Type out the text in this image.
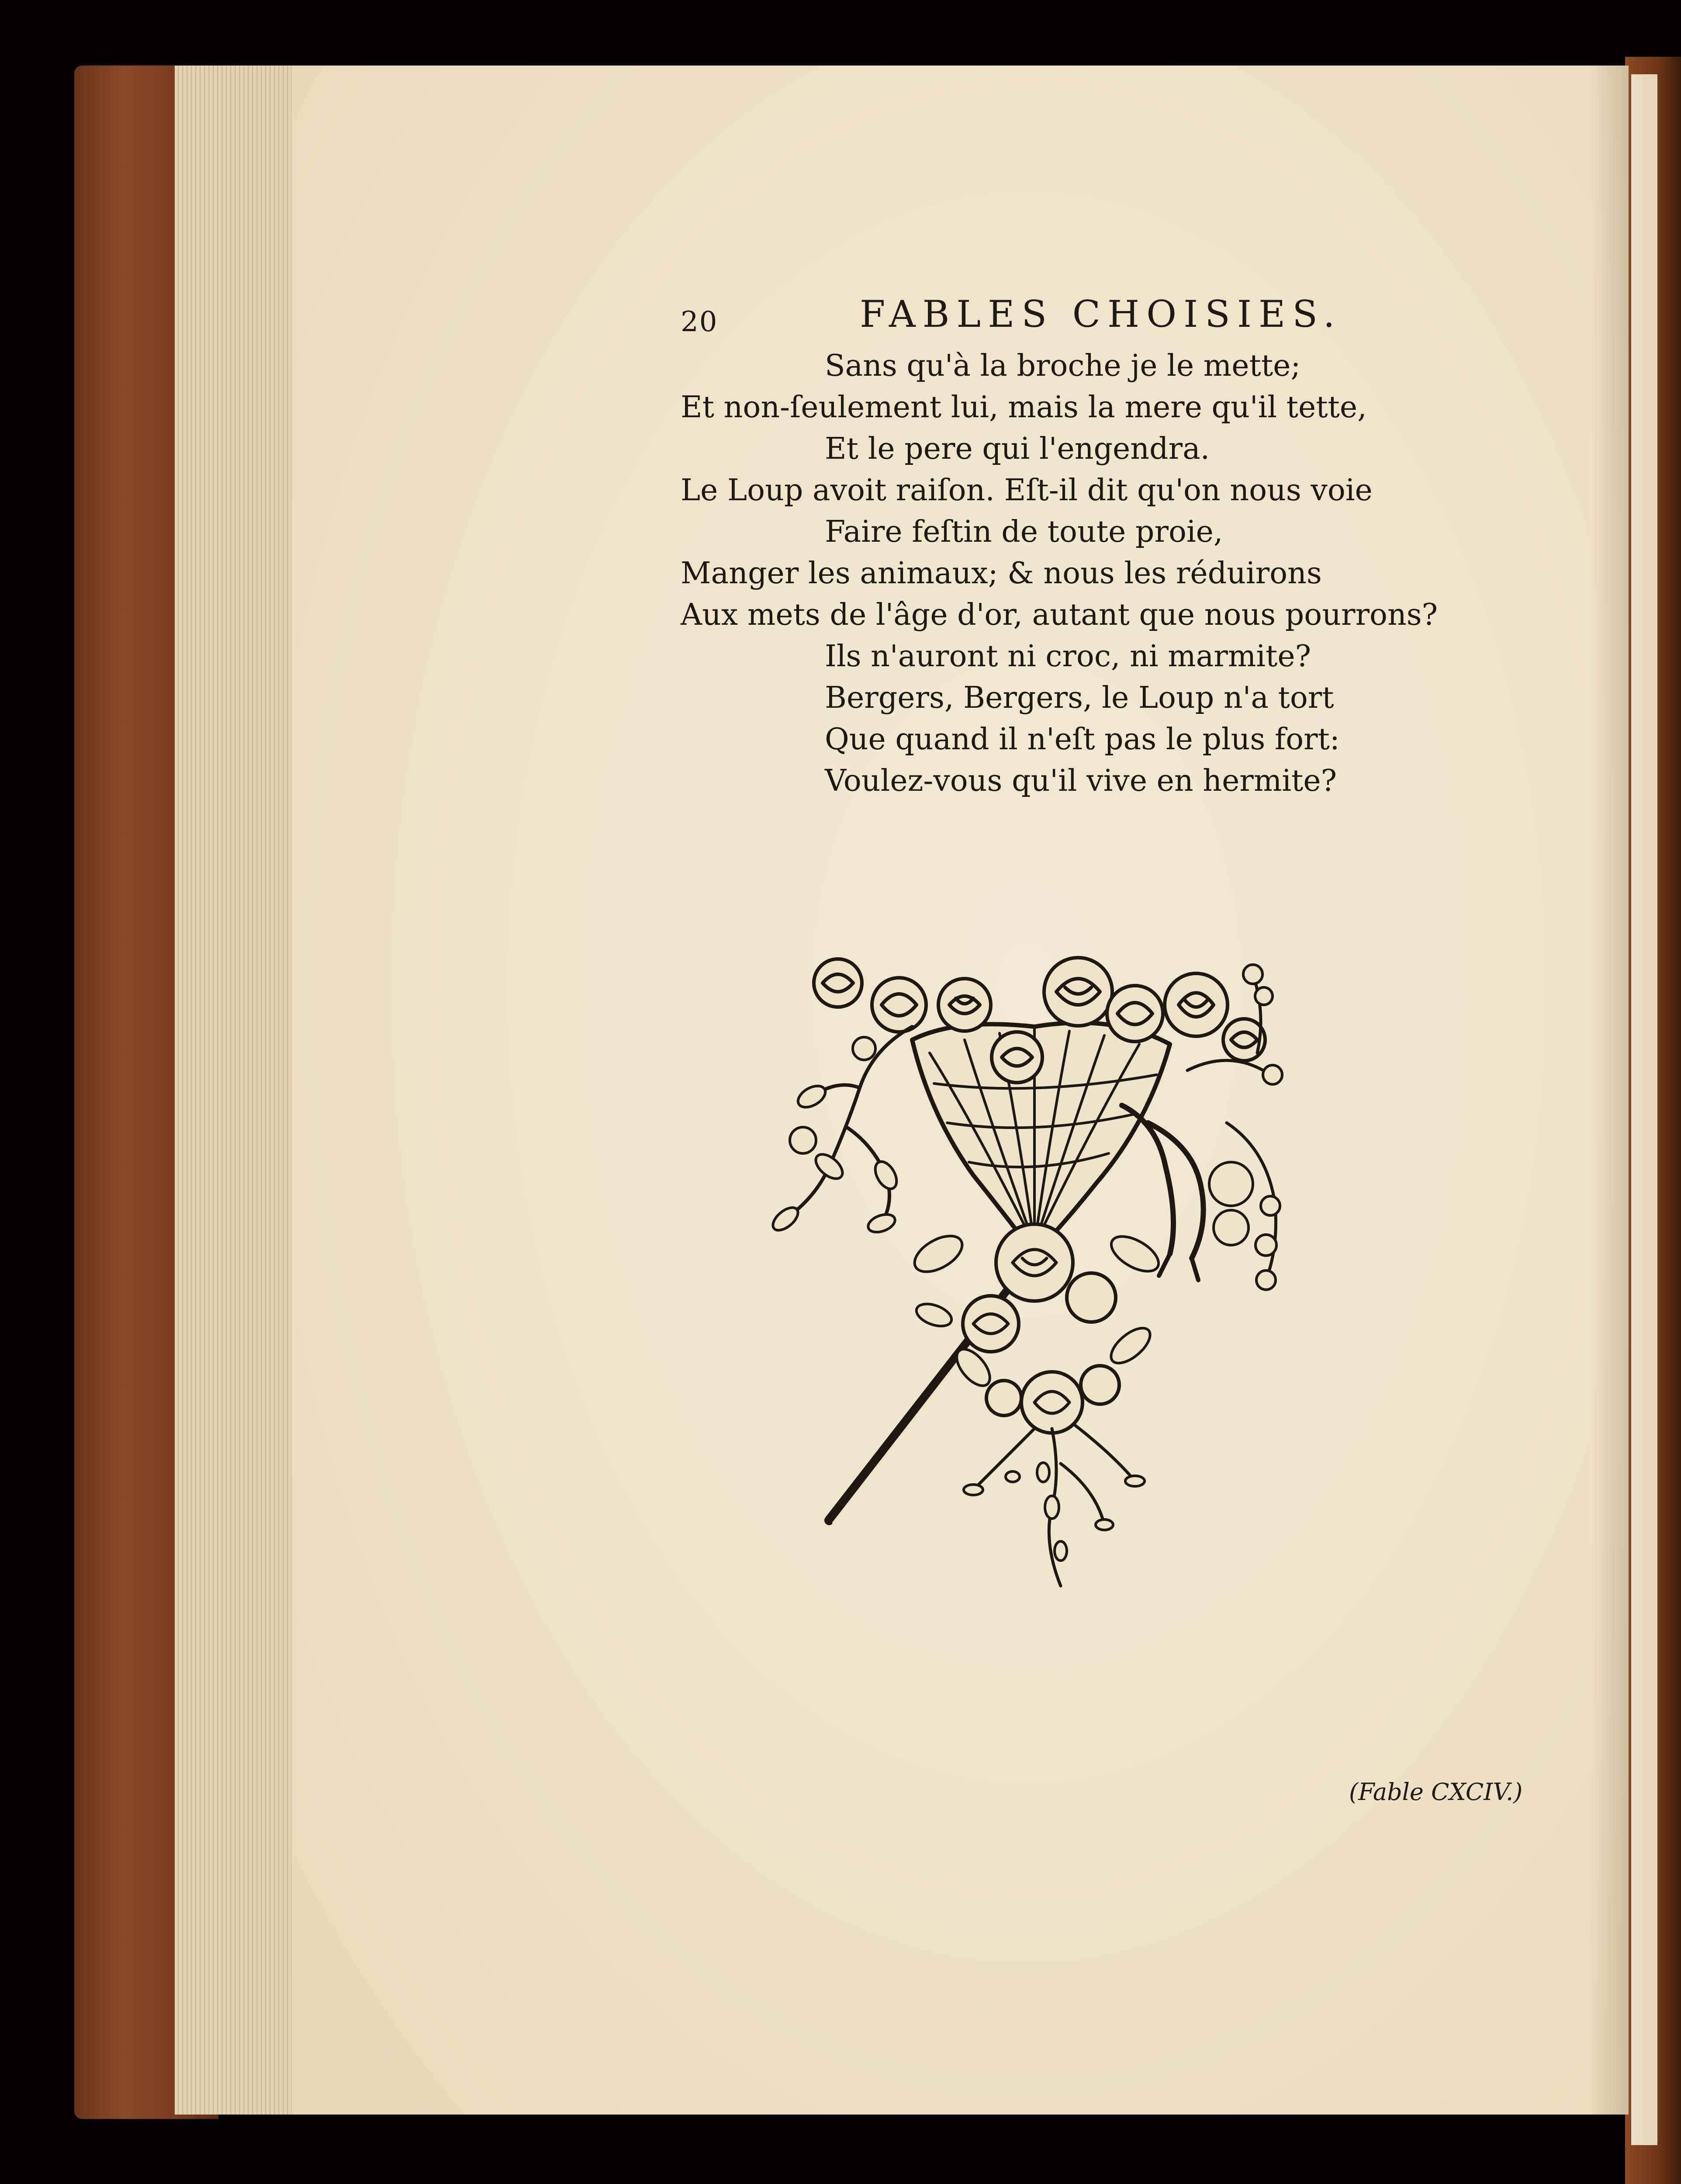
20	FABLES CHOISIES.
Sans qu'à la broche je le mette;
Et non-ſeulement lui, mais la mere qu'il tette,
Et le pere qui l'engendra.
Le Loup avoit raiſon. Eſt-il dit qu'on nous voie
Faire feſtin de toute proie,
Manger les animaux; & nous les réduirons
Aux mets de l'âge d'or, autant que nous pourrons?
Ils n'auront ni croc, ni marmite?
Bergers, Bergers, le Loup n'a tort
Que quand il n'eſt pas le plus fort:
Voulez-vous qu'il vive en hermite?
(Fable CXCIV.)
